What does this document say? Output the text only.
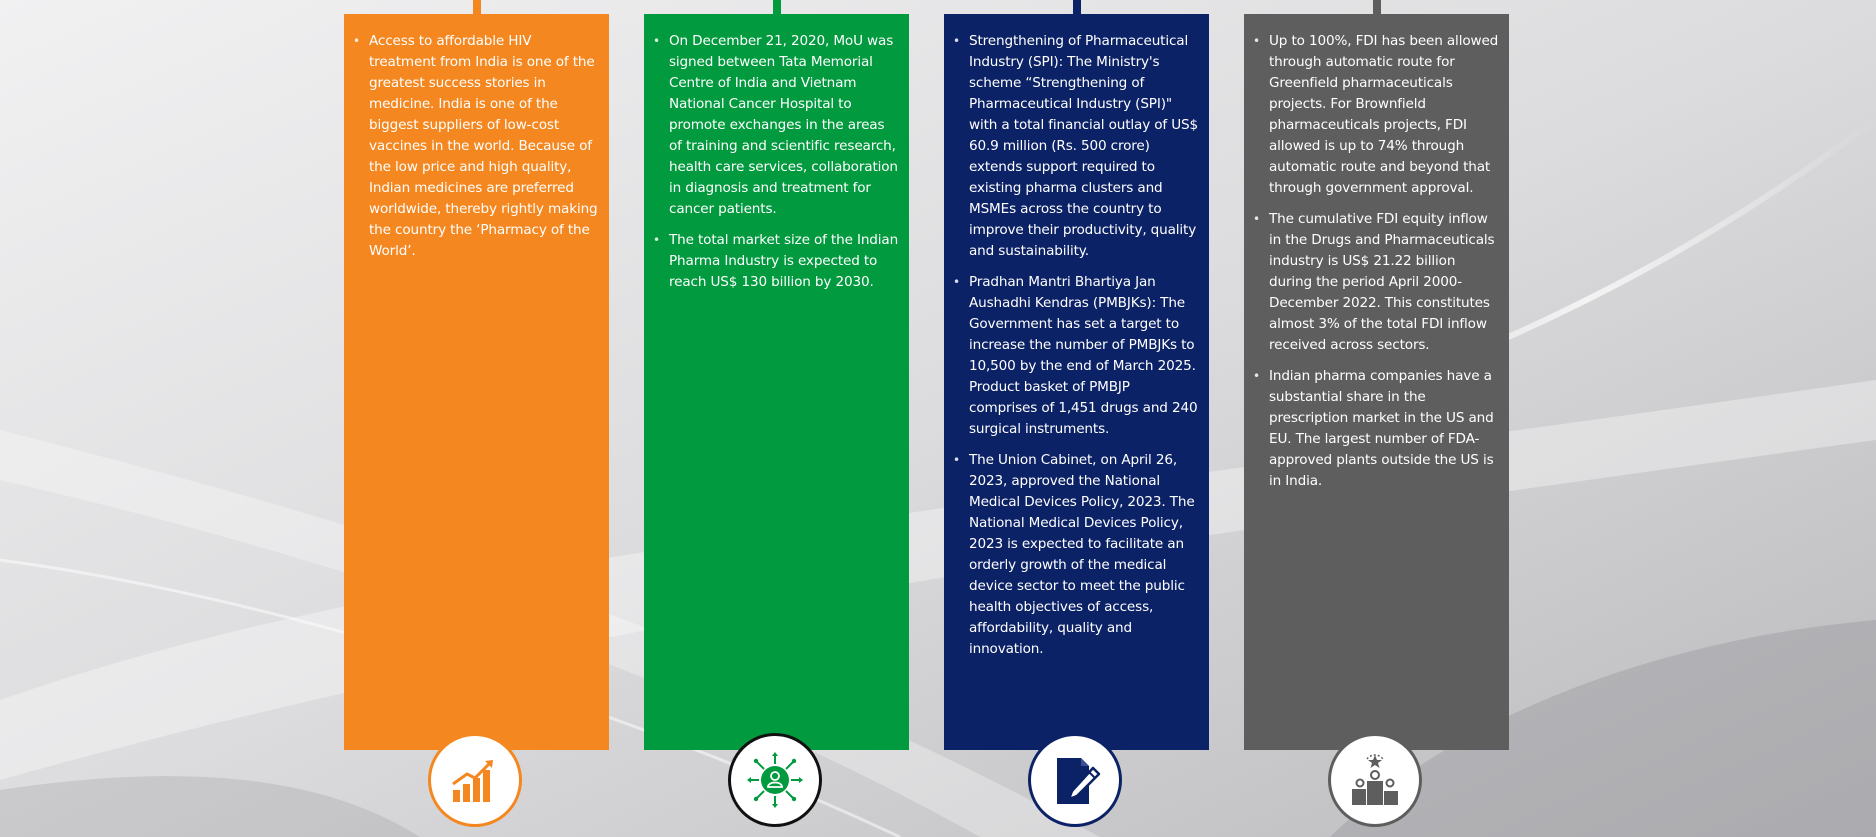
• Access to affordable HIV treatment from India is one of the greatest success stories in medicine. India is one of the biggest suppliers of low-cost vaccines in the world. Because of the low price and high quality, Indian medicines are preferred worldwide, thereby rightly making the country the ‘Pharmacy of the World’.
• On December 21, 2020, MoU was signed between Tata Memorial Centre of India and Vietnam National Cancer Hospital to promote exchanges in the areas of training and scientific research, health care services, collaboration in diagnosis and treatment for cancer patients.
• The total market size of the Indian Pharma Industry is expected to reach US$ 130 billion by 2030.
• Strengthening of Pharmaceutical Industry (SPI): The Ministry's scheme “Strengthening of Pharmaceutical Industry (SPI)" with a total financial outlay of US$ 60.9 million (Rs. 500 crore) extends support required to existing pharma clusters and MSMEs across the country to improve their productivity, quality and sustainability.
• Pradhan Mantri Bhartiya Jan Aushadhi Kendras (PMBJKs): The Government has set a target to increase the number of PMBJKs to 10,500 by the end of March 2025. Product basket of PMBJP comprises of 1,451 drugs and 240 surgical instruments.
• The Union Cabinet, on April 26, 2023, approved the National Medical Devices Policy, 2023. The National Medical Devices Policy, 2023 is expected to facilitate an orderly growth of the medical device sector to meet the public health objectives of access, affordability, quality and innovation.
• Up to 100%, FDI has been allowed through automatic route for Greenfield pharmaceuticals projects. For Brownfield pharmaceuticals projects, FDI allowed is up to 74% through automatic route and beyond that through government approval.
• The cumulative FDI equity inflow in the Drugs and Pharmaceuticals industry is US$ 21.22 billion during the period April 2000-December 2022. This constitutes almost 3% of the total FDI inflow received across sectors.
• Indian pharma companies have a substantial share in the prescription market in the US and EU. The largest number of FDA-approved plants outside the US is in India.
